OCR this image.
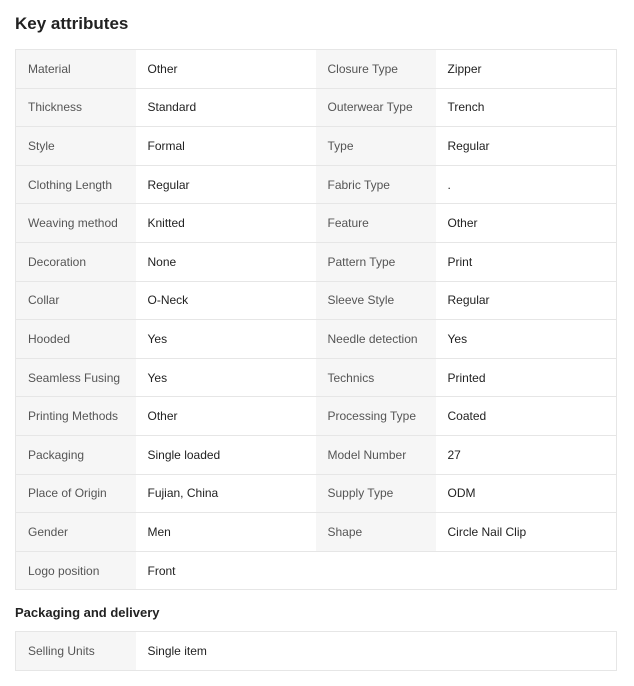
Key attributes
Material	Other	Closure Type	Zipper
Thickness	Standard	Outerwear Type	Trench
Style	Formal	Type	Regular
Clothing Length	Regular	Fabric Type	.
Weaving method	Knitted	Feature	Other
Decoration	None	Pattern Type	Print
Collar	O-Neck	Sleeve Style	Regular
Hooded	Yes	Needle detection	Yes
Seamless Fusing	Yes	Technics	Printed
Printing Methods	Other	Processing Type	Coated
Packaging	Single loaded	Model Number	27
Place of Origin	Fujian, China	Supply Type	ODM
Gender	Men	Shape	Circle Nail Clip
Logo position	Front		
Packaging and delivery
Selling Units	Single item	
